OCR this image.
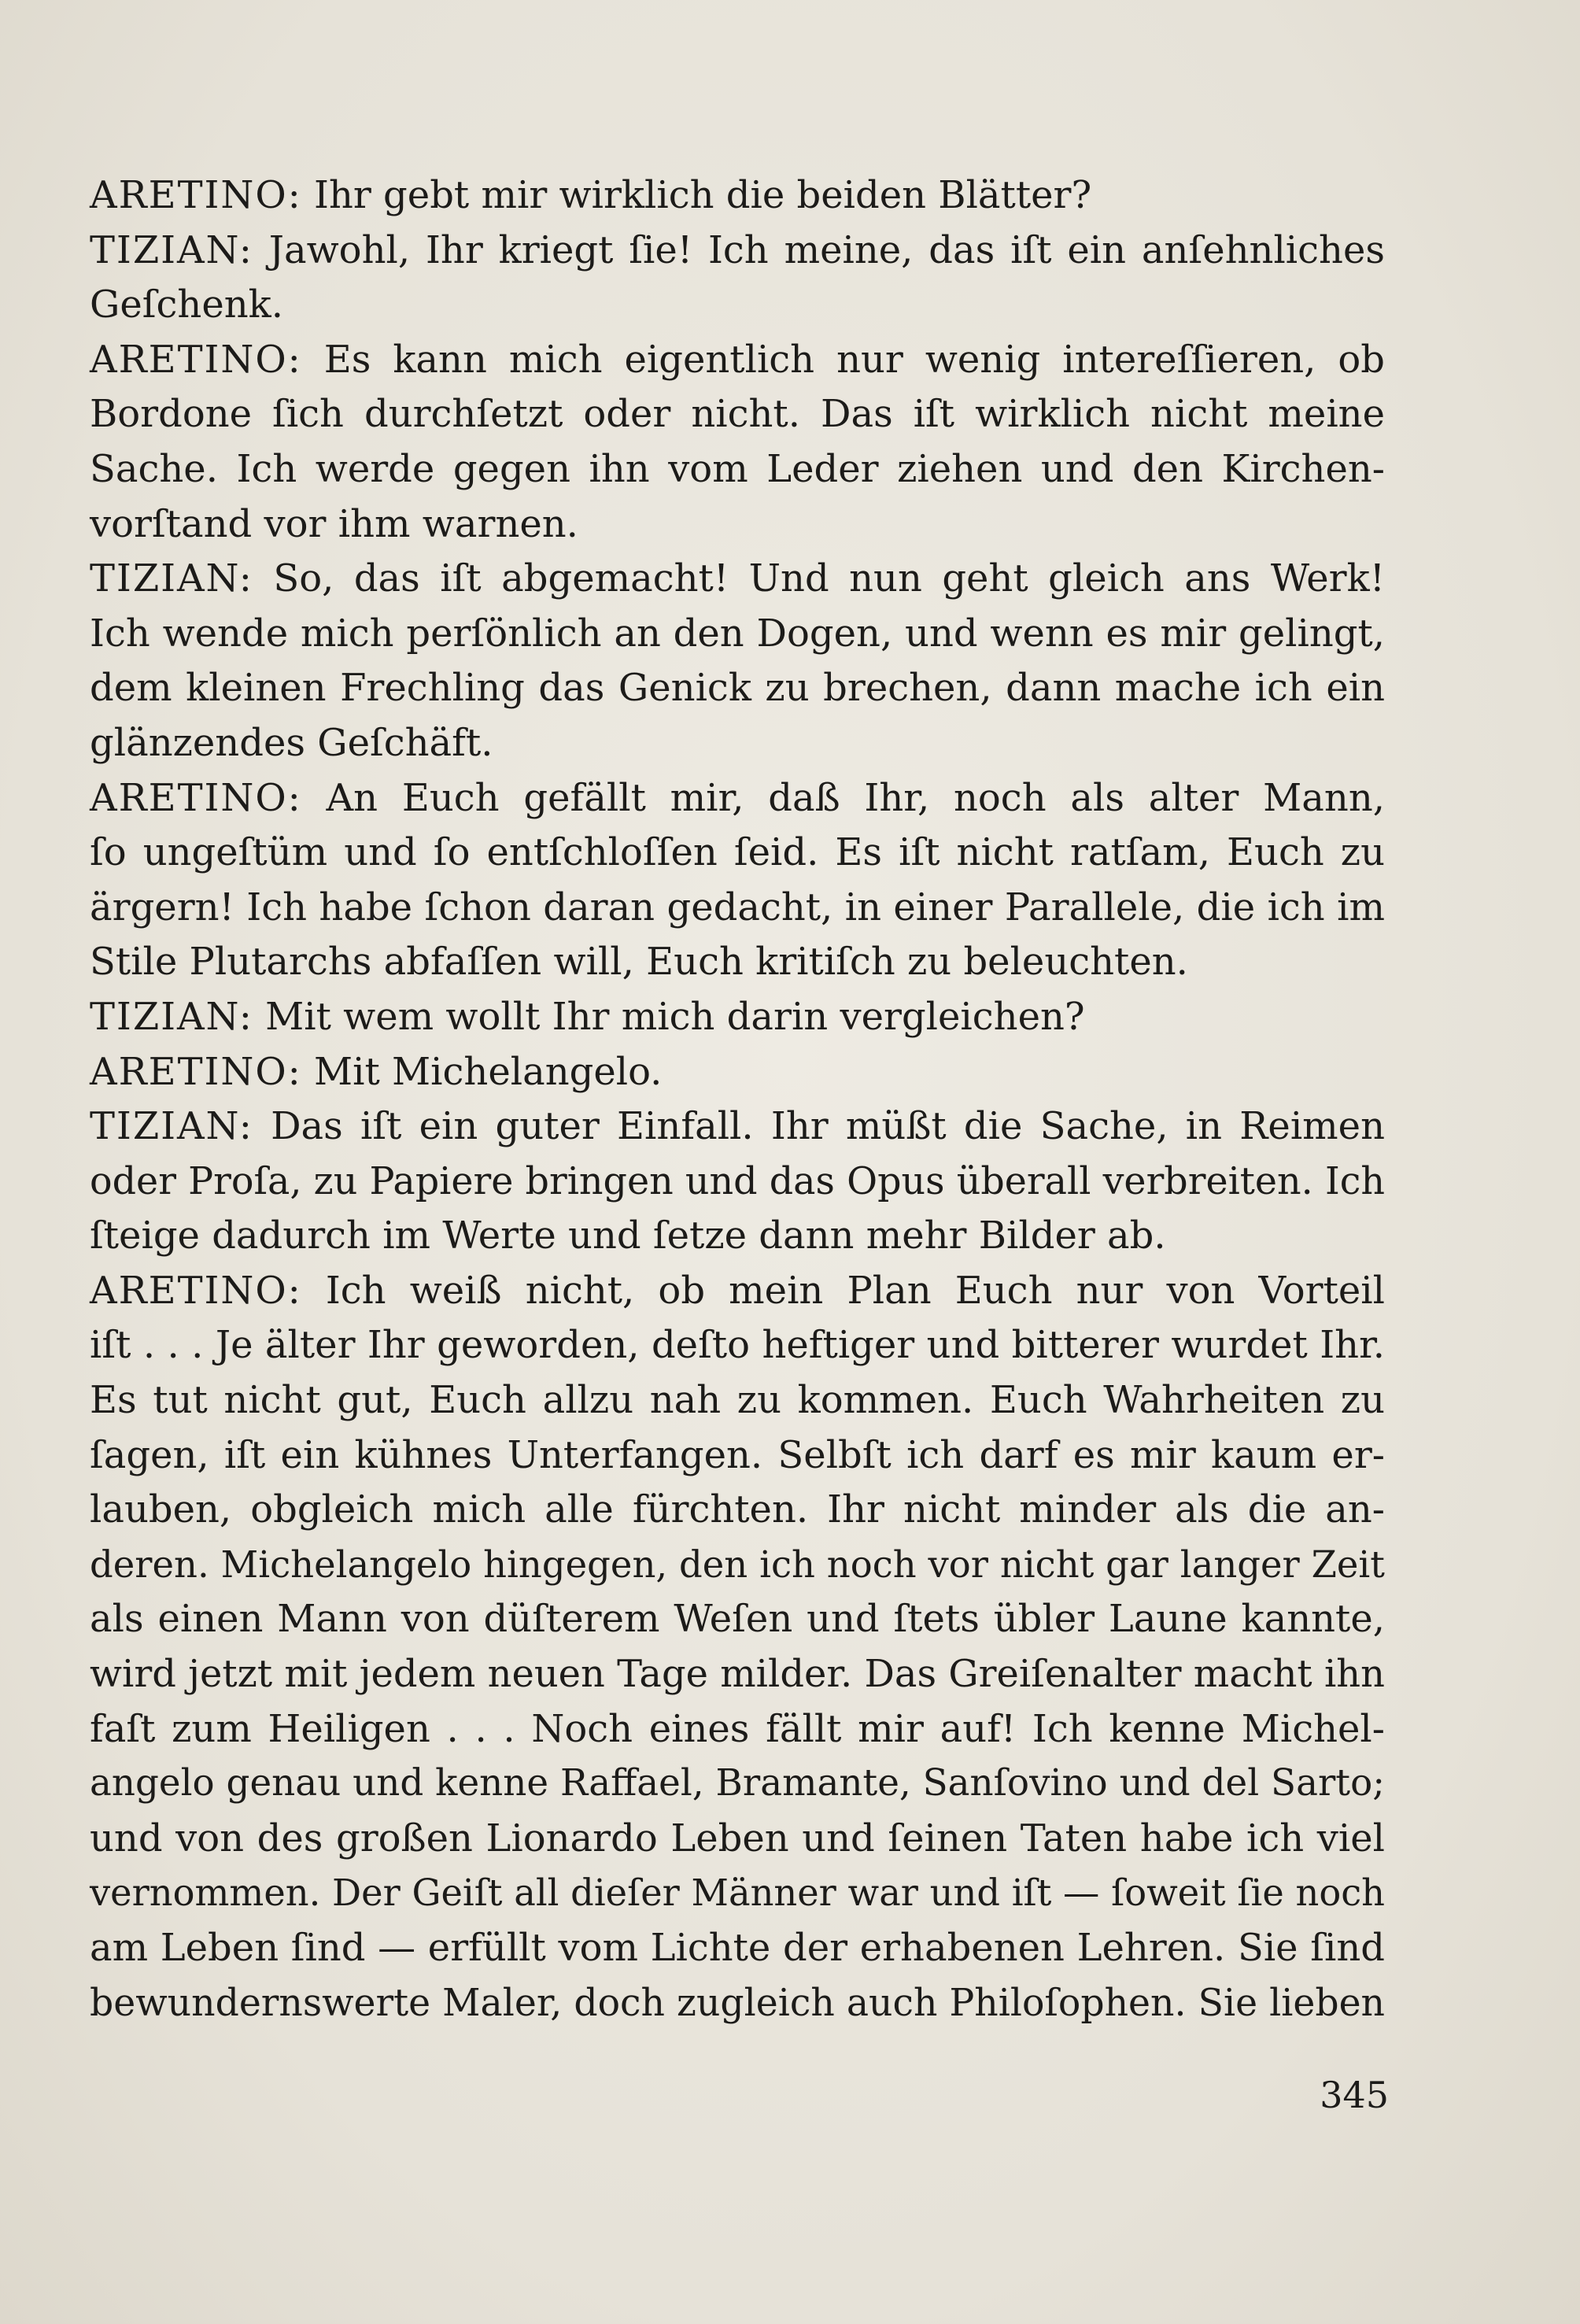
ARETINO: Ihr gebt mir wirklich die beiden Blätter?
TIZIAN: Jawohl, Ihr kriegt ſie! Ich meine, das iſt ein anſehnliches
Geſchenk.
ARETINO: Es kann mich eigentlich nur wenig intereſſieren, ob
Bordone ſich durchſetzt oder nicht. Das iſt wirklich nicht meine
Sache. Ich werde gegen ihn vom Leder ziehen und den Kirchen-
vorſtand vor ihm warnen.
TIZIAN: So, das iſt abgemacht! Und nun geht gleich ans Werk!
Ich wende mich perſönlich an den Dogen, und wenn es mir gelingt,
dem kleinen Frechling das Genick zu brechen, dann mache ich ein
glänzendes Geſchäft.
ARETINO: An Euch gefällt mir, daß Ihr, noch als alter Mann,
ſo ungeſtüm und ſo entſchloſſen ſeid. Es iſt nicht ratſam, Euch zu
ärgern! Ich habe ſchon daran gedacht, in einer Parallele, die ich im
Stile Plutarchs abfaſſen will, Euch kritiſch zu beleuchten.
TIZIAN: Mit wem wollt Ihr mich darin vergleichen?
ARETINO: Mit Michelangelo.
TIZIAN: Das iſt ein guter Einfall. Ihr müßt die Sache, in Reimen
oder Proſa, zu Papiere bringen und das Opus überall verbreiten. Ich
ſteige dadurch im Werte und ſetze dann mehr Bilder ab.
ARETINO: Ich weiß nicht, ob mein Plan Euch nur von Vorteil
iſt . . . Je älter Ihr geworden, deſto heftiger und bitterer wurdet Ihr.
Es tut nicht gut, Euch allzu nah zu kommen. Euch Wahrheiten zu
ſagen, iſt ein kühnes Unterfangen. Selbſt ich darf es mir kaum er-
lauben, obgleich mich alle fürchten. Ihr nicht minder als die an-
deren. Michelangelo hingegen, den ich noch vor nicht gar langer Zeit
als einen Mann von düſterem Weſen und ſtets übler Laune kannte,
wird jetzt mit jedem neuen Tage milder. Das Greiſenalter macht ihn
faſt zum Heiligen . . . Noch eines fällt mir auf! Ich kenne Michel-
angelo genau und kenne Raffael, Bramante, Sanſovino und del Sarto;
und von des großen Lionardo Leben und ſeinen Taten habe ich viel
vernommen. Der Geiſt all dieſer Männer war und iſt — ſoweit ſie noch
am Leben ſind — erfüllt vom Lichte der erhabenen Lehren. Sie ſind
bewundernswerte Maler, doch zugleich auch Philoſophen. Sie lieben
345
